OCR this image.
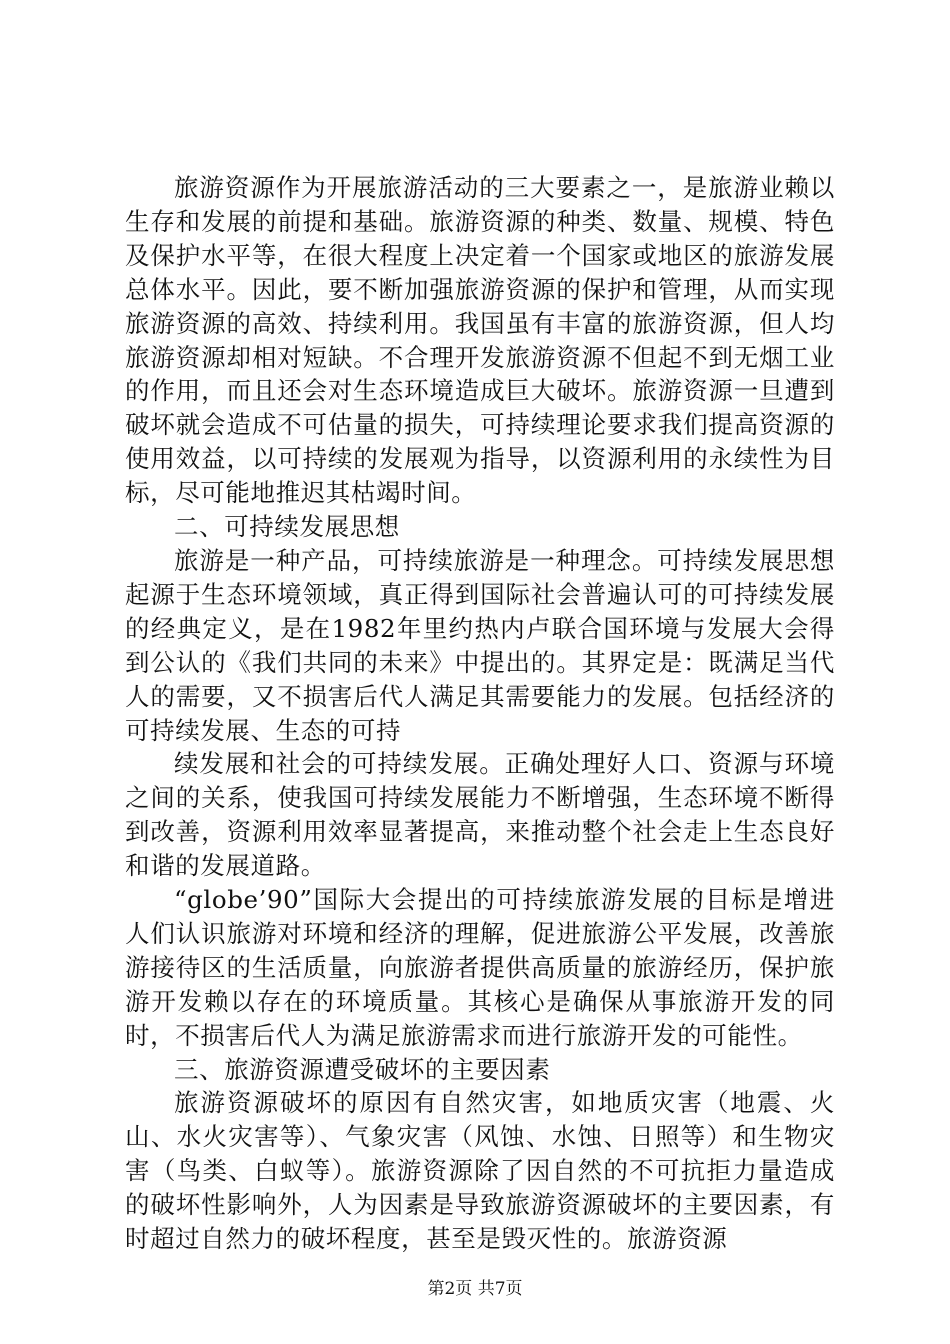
旅游资源作为开展旅游活动的三大要素之一，是旅游业赖以生存和发展的前提和基础。旅游资源的种类、数量、规模、特色及保护水平等，在很大程度上决定着一个国家或地区的旅游发展总体水平。因此，要不断加强旅游资源的保护和管理，从而实现旅游资源的高效、持续利用。我国虽有丰富的旅游资源，但人均旅游资源却相对短缺。不合理开发旅游资源不但起不到无烟工业的作用，而且还会对生态环境造成巨大破坏。旅游资源一旦遭到破坏就会造成不可估量的损失，可持续理论要求我们提高资源的使用效益，以可持续的发展观为指导，以资源利用的永续性为目标，尽可能地推迟其枯竭时间。

二、可持续发展思想

旅游是一种产品，可持续旅游是一种理念。可持续发展思想起源于生态环境领域，真正得到国际社会普遍认可的可持续发展的经典定义，是在1982年里约热内卢联合国环境与发展大会得到公认的《我们共同的未来》中提出的。其界定是：既满足当代人的需要，又不损害后代人满足其需要能力的发展。包括经济的可持续发展、生态的可持

续发展和社会的可持续发展。正确处理好人口、资源与环境之间的关系，使我国可持续发展能力不断增强，生态环境不断得到改善，资源利用效率显著提高，来推动整个社会走上生态良好和谐的发展道路。

“globe’90”国际大会提出的可持续旅游发展的目标是增进人们认识旅游对环境和经济的理解，促进旅游公平发展，改善旅游接待区的生活质量，向旅游者提供高质量的旅游经历，保护旅游开发赖以存在的环境质量。其核心是确保从事旅游开发的同时，不损害后代人为满足旅游需求而进行旅游开发的可能性。

三、旅游资源遭受破坏的主要因素

旅游资源破坏的原因有自然灾害，如地质灾害（地震、火山、水火灾害等）、气象灾害（风蚀、水蚀、日照等）和生物灾害（鸟类、白蚁等）。旅游资源除了因自然的不可抗拒力量造成的破坏性影响外，人为因素是导致旅游资源破坏的主要因素，有时超过自然力的破坏程度，甚至是毁灭性的。旅游资源

第2页 共7页
